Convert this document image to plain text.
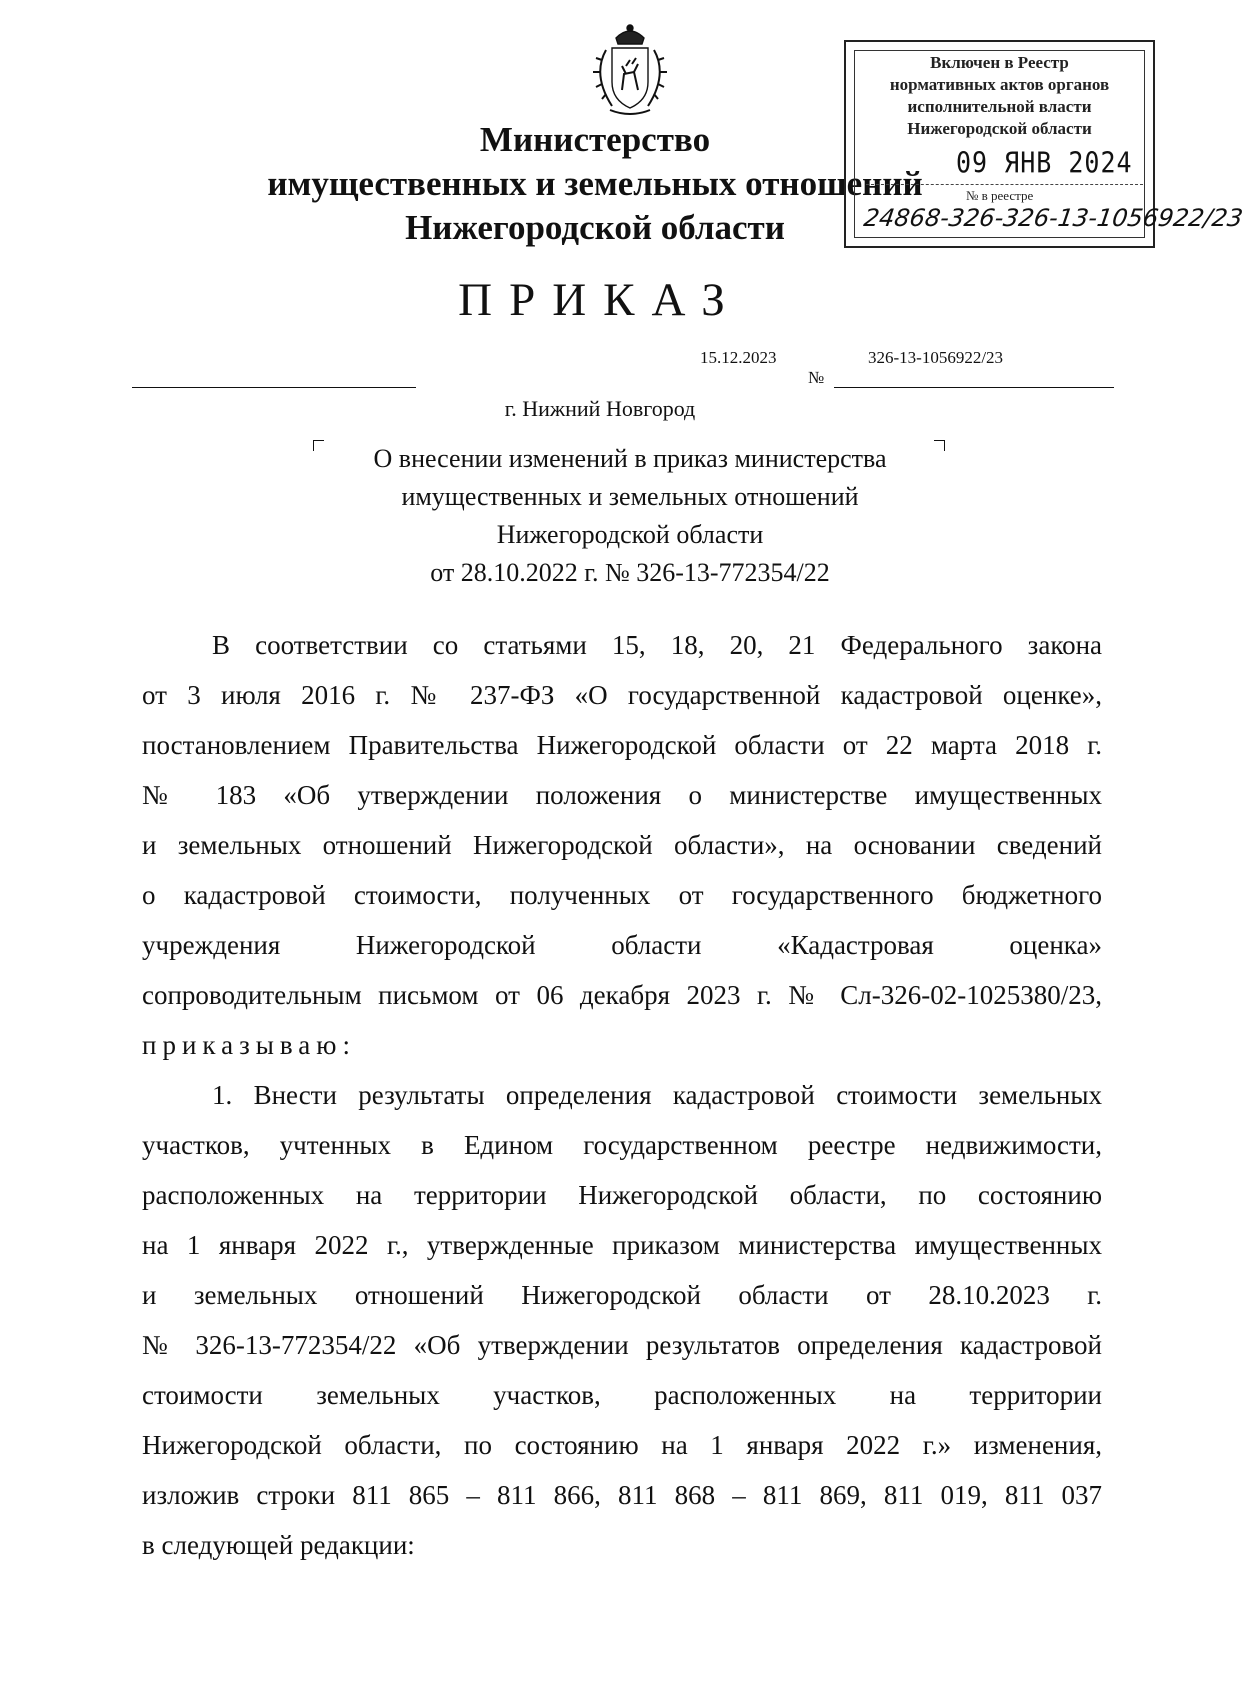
Министерство
имущественных и земельных отношений
Нижегородской области
Включен в Реестр
нормативных актов органов
исполнительной власти
Нижегородской области
09 ЯНВ 2024
№ в реестре
24868-326-326-13-1056922/23
ПРИКАЗ
15.12.2023	326-13-1056922/23
№
г. Нижний Новгород
О внесении изменений в приказ министерства
имущественных и земельных отношений
Нижегородской области
от 28.10.2022 г. № 326-13-772354/22

В соответствии со статьями 15, 18, 20, 21 Федерального закона

от 3 июля 2016 г. № 237-ФЗ «О государственной кадастровой оценке»,

постановлением Правительства Нижегородской области от 22 марта 2018 г.

№ 183 «Об утверждении положения о министерстве имущественных

и земельных отношений Нижегородской области», на основании сведений

о кадастровой стоимости, полученных от государственного бюджетного

учреждения Нижегородской области «Кадастровая оценка»

сопроводительным письмом от 06 декабря 2023 г. № Сл-326-02-1025380/23,

приказываю:

1. Внести результаты определения кадастровой стоимости земельных

участков, учтенных в Едином государственном реестре недвижимости,

расположенных на территории Нижегородской области, по состоянию

на 1 января 2022 г., утвержденные приказом министерства имущественных

и земельных отношений Нижегородской области от 28.10.2023 г.

№ 326-13-772354/22 «Об утверждении результатов определения кадастровой

стоимости земельных участков, расположенных на территории

Нижегородской области, по состоянию на 1 января 2022 г.» изменения,

изложив строки 811 865 – 811 866, 811 868 – 811 869, 811 019, 811 037

в следующей редакции:
